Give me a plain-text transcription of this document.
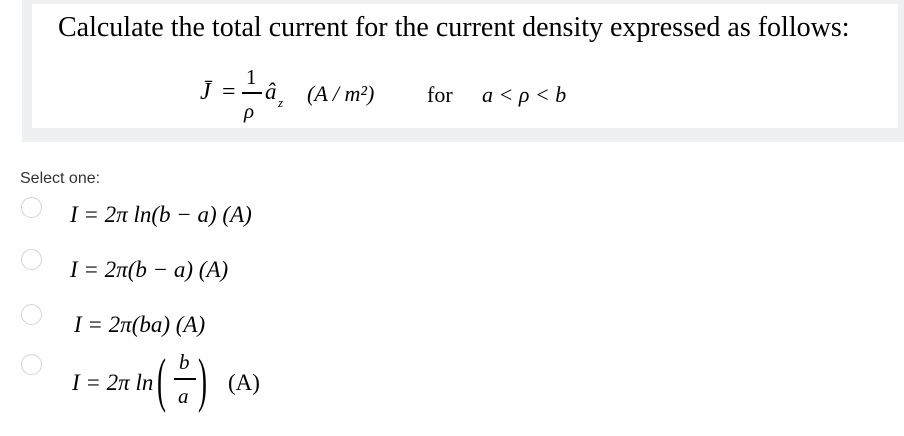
Calculate the total current for the current density expressed as follows:
J̄ =
1
ρ
â z (A / m²) for a < ρ < b
Select one:
I = 2π ln(b − a) (A)
I = 2π(b − a) (A)
I = 2π(ba) (A)
I = 2π ln ( b
a ) (A)
